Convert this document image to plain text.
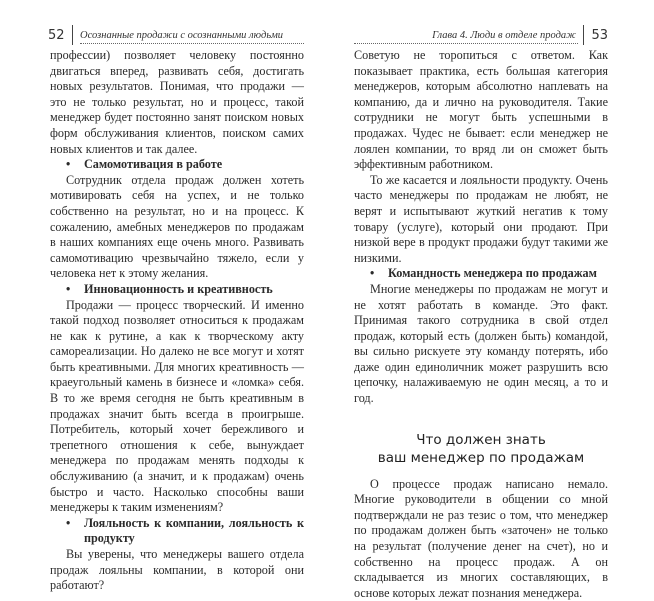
52 Осознанные продажи с осознанными людьми

профессии) позволяет человеку постоянно двигаться вперед, развивать себя, достигать новых результатов. Понимая, что продажи — это не только результат, но и процесс, такой менеджер будет постоянно занят поиском новых форм обслуживания клиентов, поиском самих новых клиентов и так далее.

•	Самомотивация в работе

Сотрудник отдела продаж должен хотеть мотивировать себя на успех, и не только собственно на результат, но и на процесс. К сожалению, амебных менеджеров по продажам в наших компаниях еще очень много. Развивать самомотивацию чрезвычайно тяжело, если у человека нет к этому желания.

•	Инновационность и креативность

Продажи — процесс творческий. И именно такой подход позволяет относиться к продажам не как к рутине, а как к творческому акту самореализации. Но далеко не все могут и хотят быть креативными. Для многих креативность — краеугольный камень в бизнесе и «ломка» себя. В то же время сегодня не быть креативным в продажах значит быть всегда в проигрыше. Потребитель, который хочет бережливого и трепетного отношения к себе, вынуждает менеджера по продажам менять подходы к обслуживанию (а значит, и к продажам) очень быстро и часто. Насколько способны ваши менеджеры к таким изменениям?

•	Лояльность к компании, лояльность к продукту

Вы уверены, что менеджеры вашего отдела продаж лояльны компании, в которой они работают?

Глава 4. Люди в отделе продаж 53

Советую не торопиться с ответом. Как показывает практика, есть большая категория менеджеров, которым абсолютно наплевать на компанию, да и лично на руководителя. Такие сотрудники не могут быть успешными в продажах. Чудес не бывает: если менеджер не лоялен компании, то вряд ли он сможет быть эффективным работником.

То же касается и лояльности продукту. Очень часто менеджеры по продажам не любят, не верят и испытывают жуткий негатив к тому товару (услуге), который они продают. При низкой вере в продукт продажи будут такими же низкими.

•	Командность менеджера по продажам

Многие менеджеры по продажам не могут и не хотят работать в команде. Это факт. Принимая такого сотрудника в свой отдел продаж, который есть (должен быть) командой, вы сильно рискуете эту команду потерять, ибо даже один единоличник может разрушить всю цепочку, налаживаемую не один месяц, а то и год.

Что должен знать
ваш менеджер по продажам

О процессе продаж написано немало. Многие руководители в общении со мной подтверждали не раз тезис о том, что менеджер по продажам должен быть «заточен» не только на результат (получение денег на счет), но и собственно на процесс продаж. А он складывается из многих составляющих, в основе которых лежат познания менеджера.
